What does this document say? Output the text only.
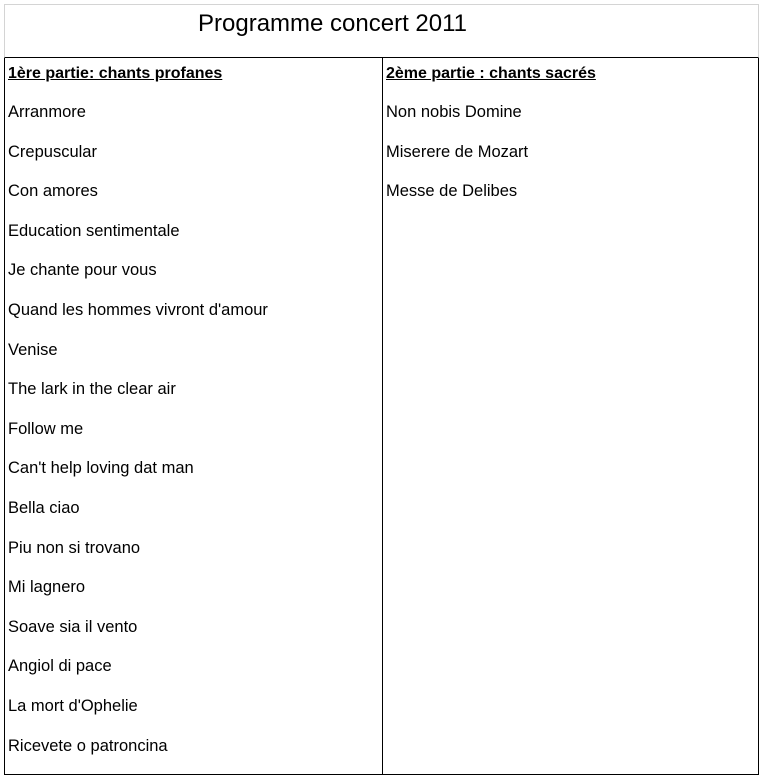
Programme concert 2011
1ère partie: chants profanes
Arranmore
Crepuscular
Con amores
Education sentimentale
Je chante pour vous
Quand les hommes vivront d'amour
Venise
The lark in the clear air
Follow me
Can't help loving dat man
Bella ciao
Piu non si trovano
Mi lagnero
Soave sia il vento
Angiol di pace
La mort d'Ophelie
Ricevete o patroncina
2ème partie : chants sacrés
Non nobis Domine
Miserere de Mozart
Messe de Delibes
